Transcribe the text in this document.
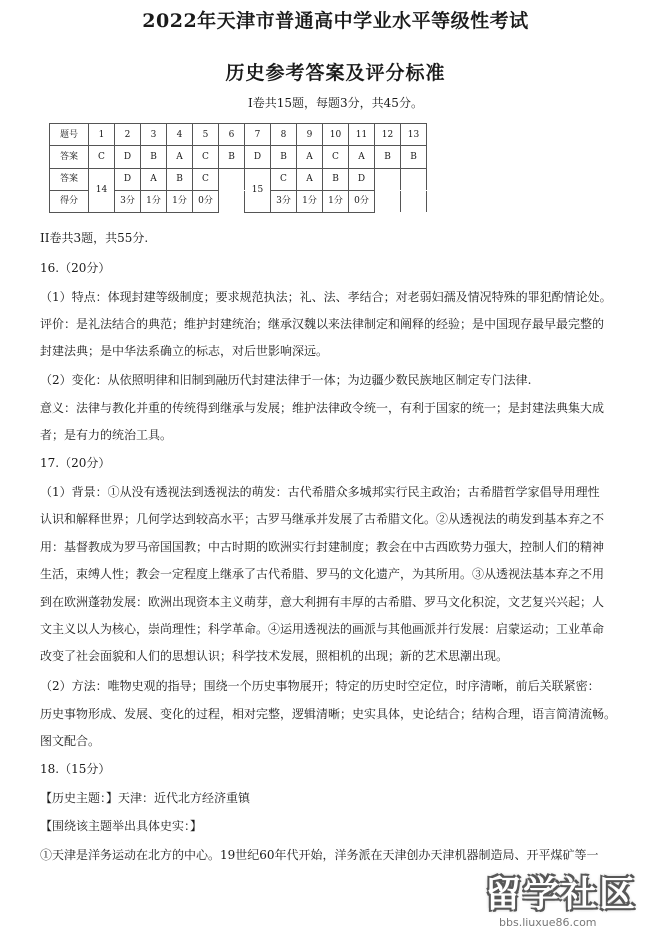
2022年天津市普通高中学业水平等级性考试
历史参考答案及评分标准
I卷共15题，每题3分，共45分。
题号	1	2	3	4	5	6	7	8	9	10	11	12	13
答案	C	D	B	A	C	B	D	B	A	C	A	B	B
答案	14	D	A	B	C		15	C	A	B	D		
得分		3分	1分	1分	0分			3分	1分	1分	0分		
II卷共3题，共55分.
16.（20分）
（1）特点：体现封建等级制度；要求规范执法；礼、法、孝结合；对老弱妇孺及情况特殊的罪犯酌情论处。
评价：是礼法结合的典范；维护封建统治；继承汉魏以来法律制定和阐释的经验；是中国现存最早最完整的
封建法典；是中华法系确立的标志，对后世影响深远。
（2）变化：从依照明律和旧制到融历代封建法律于一体；为边疆少数民族地区制定专门法律.
意义：法律与教化并重的传统得到继承与发展；维护法律政令统一，有利于国家的统一；是封建法典集大成
者；是有力的统治工具。
17.（20分）
（1）背景：①从没有透视法到透视法的萌发：古代希腊众多城邦实行民主政治；古希腊哲学家倡导用理性
认识和解释世界；几何学达到较高水平；古罗马继承并发展了古希腊文化。②从透视法的萌发到基本弃之不
用：基督教成为罗马帝国国教；中古时期的欧洲实行封建制度；教会在中古西欧势力强大，控制人们的精神
生活，束缚人性；教会一定程度上继承了古代希腊、罗马的文化遗产，为其所用。③从透视法基本弃之不用
到在欧洲蓬勃发展：欧洲出现资本主义萌芽，意大利拥有丰厚的古希腊、罗马文化积淀，文艺复兴兴起；人
文主义以人为核心，崇尚理性；科学革命。④运用透视法的画派与其他画派并行发展：启蒙运动；工业革命
改变了社会面貌和人们的思想认识；科学技术发展，照相机的出现；新的艺术思潮出现。
（2）方法：唯物史观的指导；围绕一个历史事物展开；特定的历史时空定位，时序清晰，前后关联紧密：
历史事物形成、发展、变化的过程，相对完整，逻辑清晰；史实具体，史论结合；结构合理，语言简清流畅。
图文配合。
18.（15分）
【历史主题：】天津：近代北方经济重镇
【围绕该主题举出具体史实：】
①天津是洋务运动在北方的中心。19世纪60年代开始，洋务派在天津创办天津机器制造局、开平煤矿等一
留学社区
bbs.liuxue86.com
